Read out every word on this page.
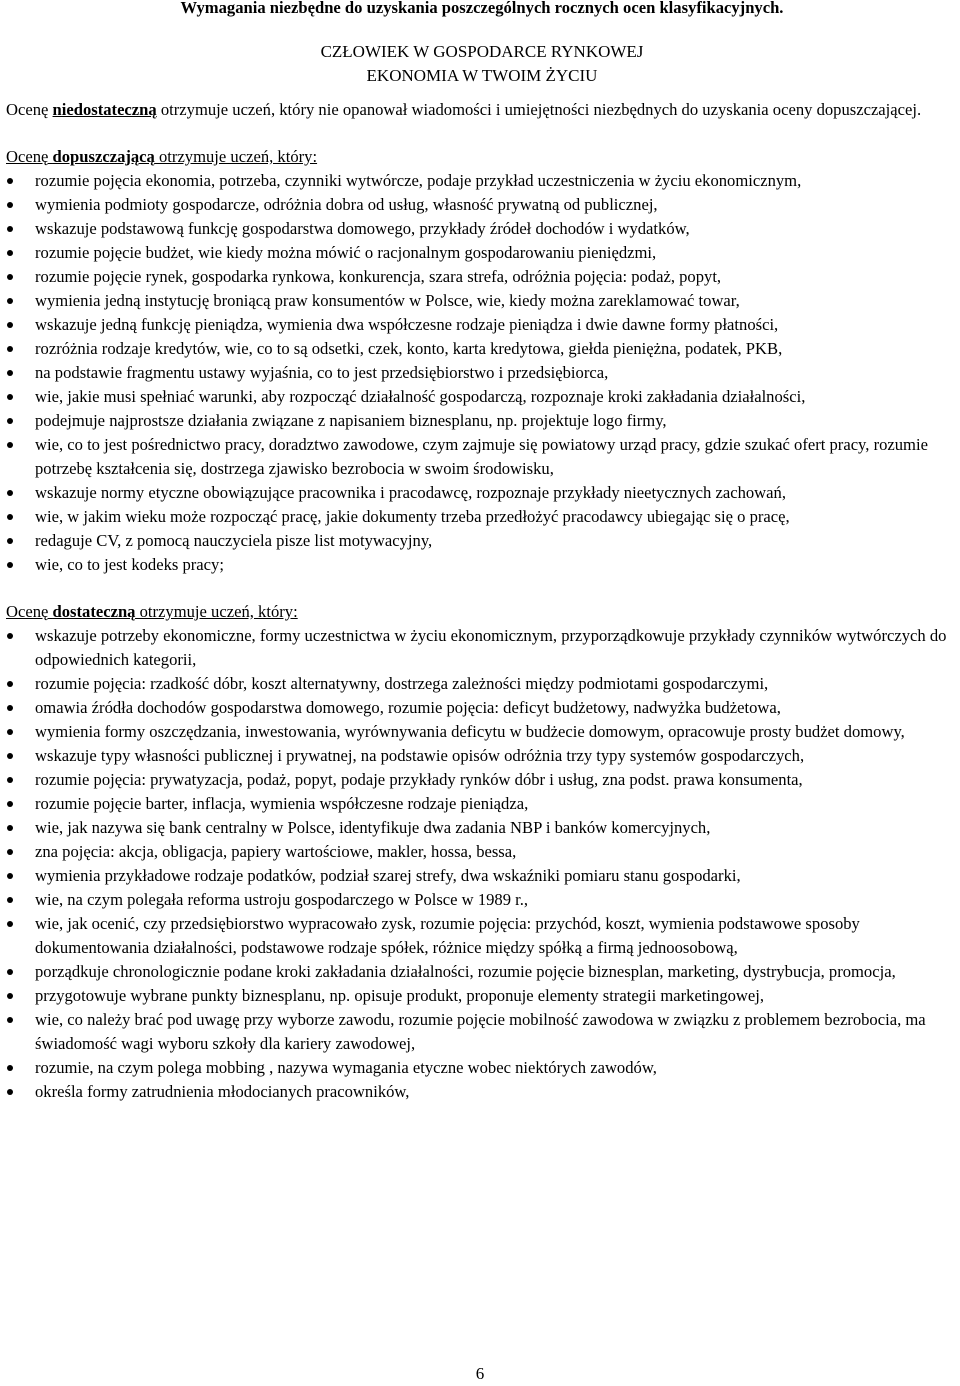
Wymagania niezbędne do uzyskania poszczególnych rocznych ocen klasyfikacyjnych.

CZŁOWIEK W GOSPODARCE RYNKOWEJ
EKONOMIA W TWOIM ŻYCIU

Ocenę niedostateczną otrzymuje uczeń, który nie opanował wiadomości i umiejętności niezbędnych do uzyskania oceny dopuszczającej.

Ocenę dopuszczającą otrzymuje uczeń, który:

rozumie pojęcia ekonomia, potrzeba, czynniki wytwórcze, podaje przykład uczestniczenia w życiu ekonomicznym,
wymienia podmioty gospodarcze, odróżnia dobra od usług, własność prywatną od publicznej,
wskazuje podstawową funkcję gospodarstwa domowego, przykłady źródeł dochodów i wydatków,
rozumie pojęcie budżet, wie kiedy można mówić o racjonalnym gospodarowaniu pieniędzmi,
rozumie pojęcie rynek, gospodarka rynkowa, konkurencja, szara strefa, odróżnia pojęcia: podaż, popyt,
wymienia jedną instytucję broniącą praw konsumentów w Polsce, wie, kiedy można zareklamować towar,
wskazuje jedną funkcję pieniądza, wymienia dwa współczesne rodzaje pieniądza i dwie dawne formy płatności,
rozróżnia rodzaje kredytów, wie, co to są odsetki, czek, konto, karta kredytowa, giełda pieniężna, podatek, PKB,
na podstawie fragmentu ustawy wyjaśnia, co to jest przedsiębiorstwo i przedsiębiorca,
wie, jakie musi spełniać warunki, aby rozpocząć działalność gospodarczą, rozpoznaje kroki zakładania działalności,
podejmuje najprostsze działania związane z napisaniem biznesplanu, np. projektuje logo firmy,
wie, co to jest pośrednictwo pracy, doradztwo zawodowe, czym zajmuje się powiatowy urząd pracy, gdzie szukać ofert pracy, rozumie potrzebę kształcenia się, dostrzega zjawisko bezrobocia w swoim środowisku,
wskazuje normy etyczne obowiązujące pracownika i pracodawcę, rozpoznaje przykłady nieetycznych zachowań,
wie, w jakim wieku może rozpocząć pracę, jakie dokumenty trzeba przedłożyć pracodawcy ubiegając się o pracę,
redaguje CV, z pomocą nauczyciela pisze list motywacyjny,
wie, co to jest kodeks pracy;

Ocenę dostateczną otrzymuje uczeń, który:

wskazuje potrzeby ekonomiczne, formy uczestnictwa w życiu ekonomicznym, przyporządkowuje przykłady czynników wytwórczych do odpowiednich kategorii,
rozumie pojęcia: rzadkość dóbr, koszt alternatywny, dostrzega zależności między podmiotami gospodarczymi,
omawia źródła dochodów gospodarstwa domowego, rozumie pojęcia: deficyt budżetowy, nadwyżka budżetowa,
wymienia formy oszczędzania, inwestowania, wyrównywania deficytu w budżecie domowym, opracowuje prosty budżet domowy,
wskazuje typy własności publicznej i prywatnej, na podstawie opisów odróżnia trzy typy systemów gospodarczych,
rozumie pojęcia: prywatyzacja, podaż, popyt, podaje przykłady rynków dóbr i usług, zna podst. prawa konsumenta,
rozumie pojęcie barter, inflacja, wymienia współczesne rodzaje pieniądza,
wie, jak nazywa się bank centralny w Polsce, identyfikuje dwa zadania NBP i banków komercyjnych,
zna pojęcia: akcja, obligacja, papiery wartościowe, makler, hossa, bessa,
wymienia przykładowe rodzaje podatków, podział szarej strefy, dwa wskaźniki pomiaru stanu gospodarki,
wie, na czym polegała reforma ustroju gospodarczego w Polsce w 1989 r.,
wie, jak ocenić, czy przedsiębiorstwo wypracowało zysk, rozumie pojęcia: przychód, koszt, wymienia podstawowe sposoby dokumentowania działalności, podstawowe rodzaje spółek, różnice między spółką a firmą jednoosobową,
porządkuje chronologicznie podane kroki zakładania działalności, rozumie pojęcie biznesplan, marketing, dystrybucja, promocja,
przygotowuje wybrane punkty biznesplanu, np. opisuje produkt, proponuje elementy strategii marketingowej,
wie, co należy brać pod uwagę przy wyborze zawodu, rozumie pojęcie mobilność zawodowa w związku z problemem bezrobocia, ma świadomość wagi wyboru szkoły dla kariery zawodowej,
rozumie, na czym polega mobbing , nazywa wymagania etyczne wobec niektórych zawodów,
określa formy zatrudnienia młodocianych pracowników,
6
